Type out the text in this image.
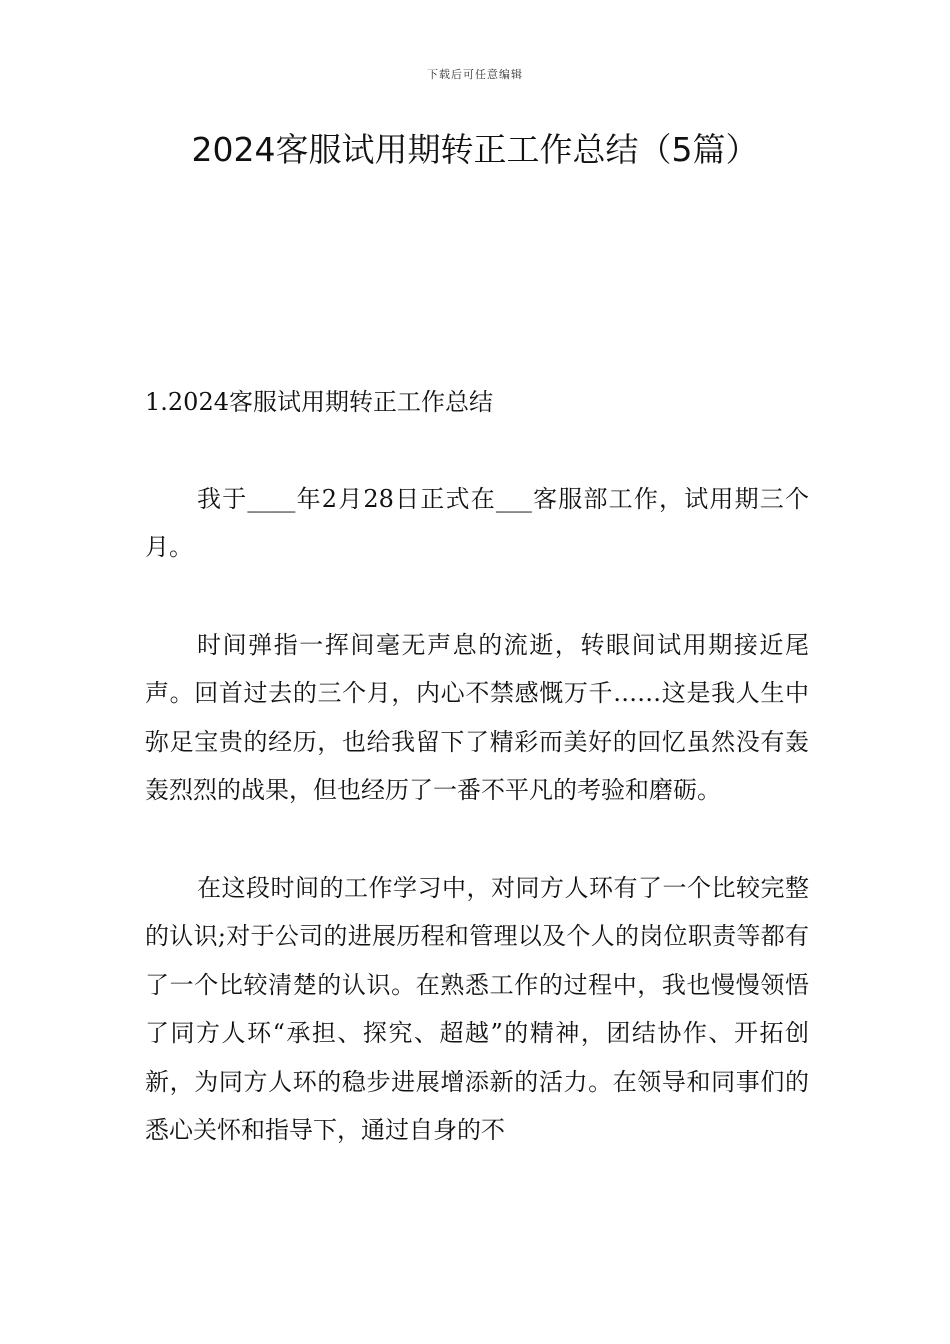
下载后可任意编辑
2024客服试用期转正工作总结（5篇）
1.2024客服试用期转正工作总结

我于____年2月28日正式在___客服部工作，试用期三个月。

时间弹指一挥间毫无声息的流逝，转眼间试用期接近尾声。回首过去的三个月，内心不禁感慨万千……这是我人生中弥足宝贵的经历，也给我留下了精彩而美好的回忆虽然没有轰轰烈烈的战果，但也经历了一番不平凡的考验和磨砺。

在这段时间的工作学习中，对同方人环有了一个比较完整的认识;对于公司的进展历程和管理以及个人的岗位职责等都有了一个比较清楚的认识。在熟悉工作的过程中，我也慢慢领悟了同方人环“承担、探究、超越”的精神，团结协作、开拓创新，为同方人环的稳步进展增添新的活力。在领导和同事们的悉心关怀和指导下，通过自身的不
